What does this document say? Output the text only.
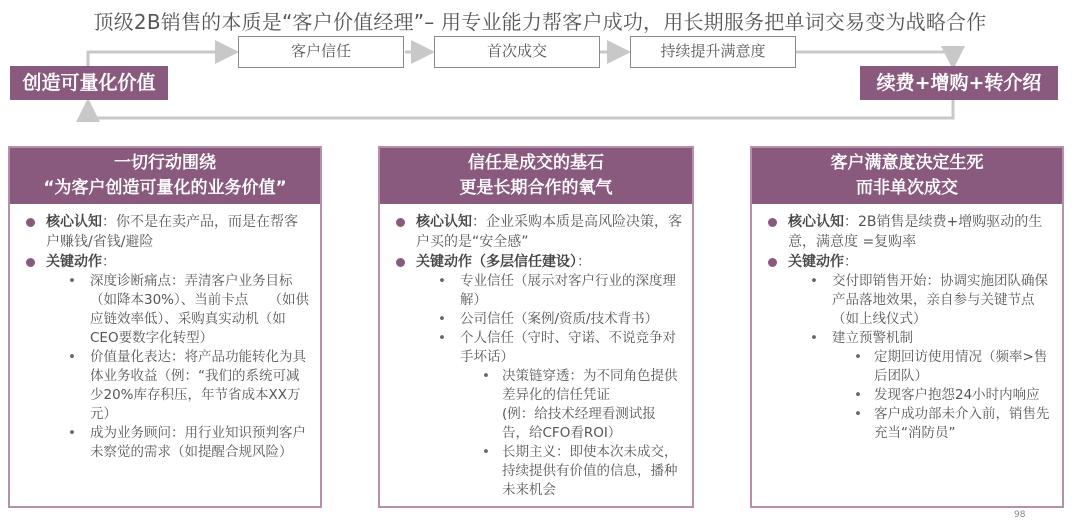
顶级2B销售的本质是“客户价值经理”– 用专业能力帮客户成功，用长期服务把单词交易变为战略合作
创造可量化价值
客户信任	首次成交	持续提升满意度
续费+增购+转介绍
一切行动围绕
“为客户创造可量化的业务价值”
核心认知：你不是在卖产品，而是在帮客户赚钱/省钱/避险
关键动作：
• 深度诊断痛点：弄清客户业务目标（如降本30%）、当前卡点　　（如供应链效率低）、采购真实动机（如CEO要数字化转型）
• 价值量化表达：将产品功能转化为具体业务收益（例：“我们的系统可减少20%库存积压，年节省成本XX万元）
• 成为业务顾问：用行业知识预判客户未察觉的需求（如提醒合规风险）
信任是成交的基石
更是长期合作的氧气
核心认知：企业采购本质是高风险决策，客户买的是“安全感”
关键动作（多层信任建设）：
• 专业信任（展示对客户行业的深度理解）
• 公司信任（案例/资质/技术背书）
• 个人信任（守时、守诺、不说竞争对手坏话）
• 决策链穿透：为不同角色提供差异化的信任凭证　　　　(例：给技术经理看测试报告，给CFO看ROI）
• 长期主义：即使本次未成交，持续提供有价值的信息，播种未来机会
客户满意度决定生死
而非单次成交
核心认知：2B销售是续费+增购驱动的生意，满意度 =复购率
关键动作：
• 交付即销售开始：协调实施团队确保产品落地效果，亲自参与关键节点（如上线仪式）
• 建立预警机制
• 定期回访使用情况（频率>售后团队）
• 发现客户抱怨24小时内响应
• 客户成功部未介入前，销售先充当“消防员”
98
